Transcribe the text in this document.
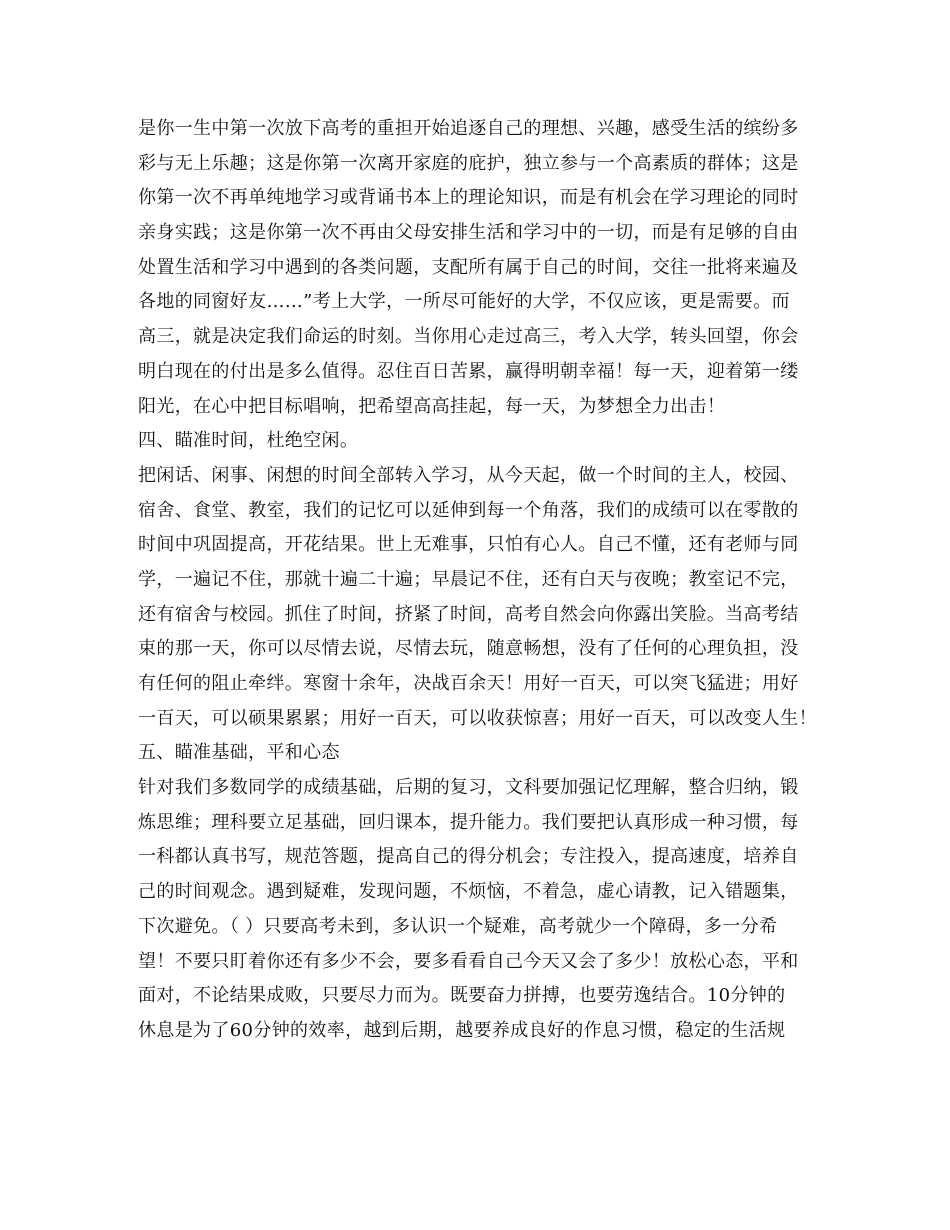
是你一生中第一次放下高考的重担开始追逐自己的理想、兴趣，感受生活的缤纷多
彩与无上乐趣；这是你第一次离开家庭的庇护，独立参与一个高素质的群体；这是
你第一次不再单纯地学习或背诵书本上的理论知识，而是有机会在学习理论的同时
亲身实践；这是你第一次不再由父母安排生活和学习中的一切，而是有足够的自由
处置生活和学习中遇到的各类问题，支配所有属于自己的时间，交往一批将来遍及
各地的同窗好友……”考上大学，一所尽可能好的大学，不仅应该，更是需要。而
高三，就是决定我们命运的时刻。当你用心走过高三，考入大学，转头回望，你会
明白现在的付出是多么值得。忍住百日苦累，赢得明朝幸福！每一天，迎着第一缕
阳光，在心中把目标唱响，把希望高高挂起，每一天，为梦想全力出击！
四、瞄准时间，杜绝空闲。
把闲话、闲事、闲想的时间全部转入学习，从今天起，做一个时间的主人，校园、
宿舍、食堂、教室，我们的记忆可以延伸到每一个角落，我们的成绩可以在零散的
时间中巩固提高，开花结果。世上无难事，只怕有心人。自己不懂，还有老师与同
学，一遍记不住，那就十遍二十遍；早晨记不住，还有白天与夜晚；教室记不完，
还有宿舍与校园。抓住了时间，挤紧了时间，高考自然会向你露出笑脸。当高考结
束的那一天，你可以尽情去说，尽情去玩，随意畅想，没有了任何的心理负担，没
有任何的阻止牵绊。寒窗十余年，决战百余天！用好一百天，可以突飞猛进；用好
一百天，可以硕果累累；用好一百天，可以收获惊喜；用好一百天，可以改变人生！
五、瞄准基础，平和心态
针对我们多数同学的成绩基础，后期的复习，文科要加强记忆理解，整合归纳，锻
炼思维；理科要立足基础，回归课本，提升能力。我们要把认真形成一种习惯，每
一科都认真书写，规范答题，提高自己的得分机会；专注投入，提高速度，培养自
己的时间观念。遇到疑难，发现问题，不烦恼，不着急，虚心请教，记入错题集，
下次避免。（ ）只要高考未到，多认识一个疑难，高考就少一个障碍，多一分希
望！不要只盯着你还有多少不会，要多看看自己今天又会了多少！放松心态，平和
面对，不论结果成败，只要尽力而为。既要奋力拼搏，也要劳逸结合。10分钟的
休息是为了60分钟的效率，越到后期，越要养成良好的作息习惯，稳定的生活规
